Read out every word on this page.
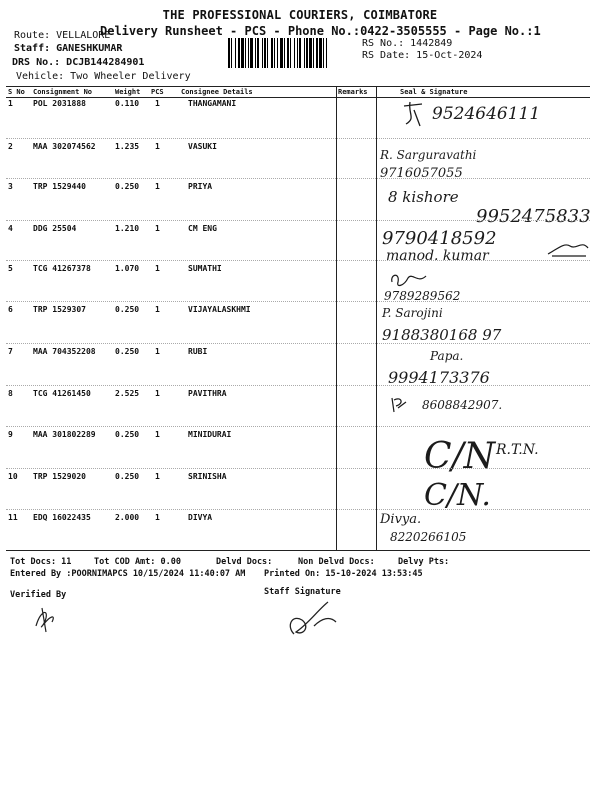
THE PROFESSIONAL COURIERS, COIMBATORE
Delivery Runsheet - PCS - Phone No.:0422-3505555 - Page No.:1
Route: VELLALORE
Staff: GANESHKUMAR
DRS No.: DCJB144284901
Vehicle: Two Wheeler Delivery
RS No.: 1442849
RS Date: 15-Oct-2024
S No Consignment No	Weight PCS Consignee Details	Remarks	Seal & Signature
1	POL 2031888	0.110 1	THANGAMANI
9524646111
2	MAA 302074562 1.235 1	VASUKI
R. Sarguravathi
9716057055
3	TRP 1529440	0.250 1	PRIYA
8 kishore
9952475833
4	DDG 25504	1.210 1	CM ENG	9790418592
manod. kumar
5	TCG 41267378	1.070 1	SUMATHI
9789289562
6	TRP 1529307	0.250 1	VIJAYALASKHMI	P. Sarojini
9188380168 97
7	MAA 704352208 0.250 1	RUBI	Papa.
9994173376
8	TCG 41261450	2.525 1	PAVITHRA
8608842907.
9	MAA 301802289 0.250 1	MINIDURAI
C/N R.T.N.
10 TRP 1529020	0.250 1	SRINISHA
C/N.
11 EDQ 16022435	2.000 1	DIVYA	Divya.
8220266105
Tot Docs: 11	Tot COD Amt: 0.00	Delvd Docs:	Non Delvd Docs:	Delvy Pts:
Entered By :POORNIMAPCS 10/15/2024 11:40:07 AM Printed On: 15-10-2024 13:53:45
Verified By	Staff Signature
